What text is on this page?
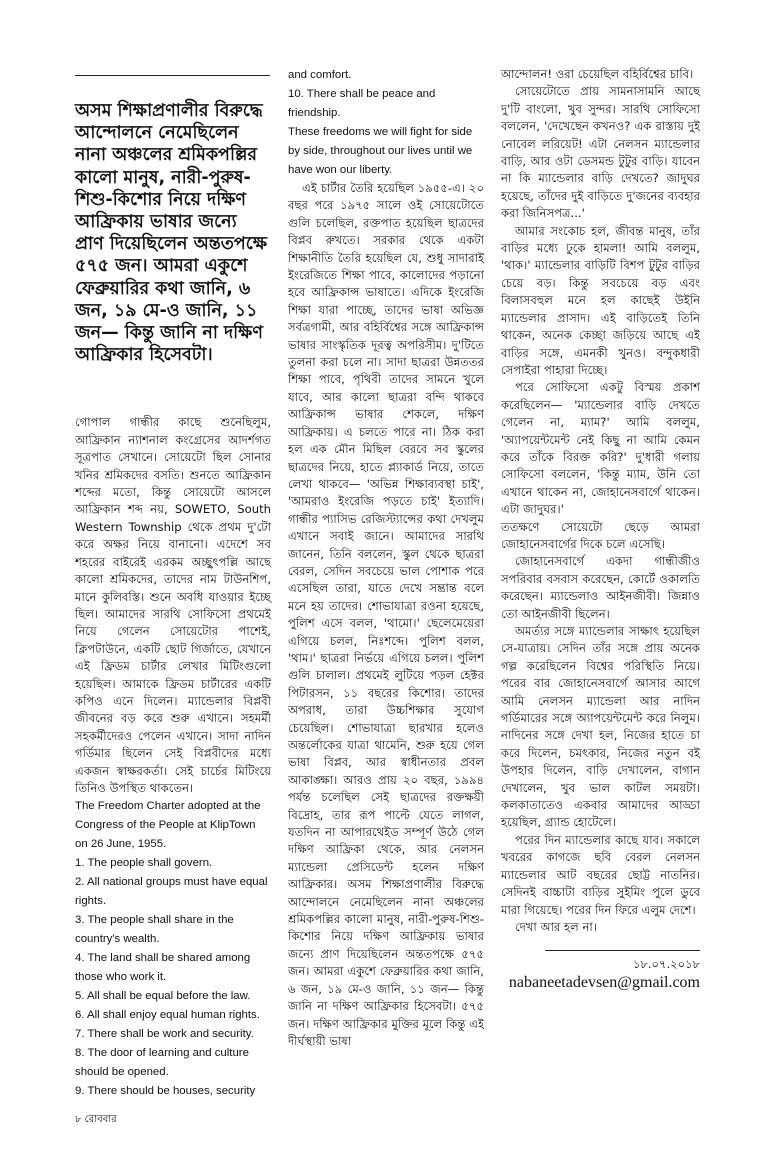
অসম শিক্ষাপ্রণালীর বিরুদ্ধে আন্দোলনে নেমেছিলেন নানা অঞ্চলের শ্রমিকপল্লির কালো মানুষ, নারী-পুরুষ-শিশু-কিশোর নিয়ে দক্ষিণ আফ্রিকায় ভাষার জন্যে প্রাণ দিয়েছিলেন অন্ততপক্ষে ৫৭৫ জন। আমরা একুশে ফেব্রুয়ারির কথা জানি, ৬ জন, ১৯ মে-ও জানি, ১১ জন— কিন্তু জানি না দক্ষিণ আফ্রিকার হিসেবটা।

গোপাল গান্ধীর কাছে শুনেছিলুম, আফ্রিকান ন্যাশনাল কংগ্রেসের আদর্শগত সূত্রপাত সেখানে। সোয়েটো ছিল সোনার খনির শ্রমিকদের বসতি। শুনতে আফ্রিকান শব্দের মতো, কিন্তু সোয়েটো আসলে আফ্রিকান শব্দ নয়, SOWETO, South Western Township থেকে প্রথম দু'টো করে অক্ষর নিয়ে বানানো। এদেশে সব শহরের বাইরেই এরকম অচ্ছুৎপল্লি আছে কালো শ্রমিকদের, তাদের নাম টাউনশিপ, মানে কুলিবস্তি। শুনে অবধি যাওয়ার ইচ্ছে ছিল। আমাদের সারথি সোফিসো প্রথমেই নিয়ে গেলেন সোয়েটোর পাশেই, ক্লিপটাউনে, একটি ছোট গির্জাতে, যেখানে এই ফ্রিডম চার্টার লেখার মিটিংগুলো হয়েছিল। আমাকে ফ্রিডম চার্টারের একটি কপিও এনে দিলেন। ম্যান্ডেলার বিপ্লবী জীবনের বড় করে শুরু এখানে। সহমর্মী সহকর্মীদেরও পেলেন এখানে। সাদা নাদিন গর্ডিমার ছিলেন সেই বিপ্লবীদের মধ্যে একজন স্বাক্ষরকর্তা। সেই চার্চের মিটিংয়ে তিনিও উপস্থিত থাকতেন।

The Freedom Charter adopted at the Congress of the People at KlipTown on 26 June, 1955.

1. The people shall govern.

2. All national groups must have equal rights.

3. The people shall share in the country's wealth.

4. The land shall be shared among those who work it.

5. All shall be equal before the law.

6. All shall enjoy equal human rights.

7. There shall be work and security.

8. The door of learning and culture should be opened.

9. There should be houses, security

and comfort.

10. There shall be peace and friendship.

These freedoms we will fight for side by side, throughout our lives until we have won our liberty.

এই চার্টার তৈরি হয়েছিল ১৯৫৫-এ। ২০ বছর পরে ১৯৭৫ সালে ওই সোয়েটোতে গুলি চলেছিল, রক্তপাত হয়েছিল ছাত্রদের বিপ্লব রুখতে। সরকার থেকে একটা শিক্ষানীতি তৈরি হয়েছিল যে, শুধু সাদারাই ইংরেজিতে শিক্ষা পাবে, কালোদের পড়ানো হবে আফ্রিকান্স ভাষাতে। এদিকে ইংরেজি শিক্ষা যারা পাচ্ছে, তাদের ভাষা অভিজ্ঞ সর্বত্রগামী, আর বহির্বিশ্বের সঙ্গে আফ্রিকান্স ভাষার সাংস্কৃতিক দূরত্ব অপরিসীম। দু'টিতে তুলনা করা চলে না। সাদা ছাত্ররা উন্নততর শিক্ষা পাবে, পৃথিবী তাদের সামনে খুলে যাবে, আর কালো ছাত্ররা বন্দি থাকবে আফ্রিকান্স ভাষার শেকলে, দক্ষিণ আফ্রিকায়। এ চলতে পারে না। ঠিক করা হল এক মৌন মিছিল বেরবে সব স্কুলের ছাত্রদের নিয়ে, হাতে প্ল্যাকার্ড নিয়ে, তাতে লেখা থাকবে— 'অভিন্ন শিক্ষাব্যবস্থা চাই', 'আমরাও ইংরেজি পড়তে চাই' ইত্যাদি। গান্ধীর প্যাসিভ রেজিস্ট্যান্সের কথা দেখলুম এখানে সবাই জানে। আমাদের সারথি জানেন, তিনি বললেন, স্কুল থেকে ছাত্ররা বেরল, সেদিন সবচেয়ে ভাল পোশাক পরে এসেছিল তারা, যাতে দেখে সম্ভ্রান্ত বলে মনে হয় তাদের। শোভাযাত্রা রওনা হয়েছে, পুলিশ এসে বলল, 'থামো।' ছেলেমেয়েরা এগিয়ে চলল, নিঃশব্দে। পুলিশ বলল, 'থাম।' ছাত্ররা নির্ভয়ে এগিয়ে চলল। পুলিশ গুলি চালাল। প্রথমেই লুটিয়ে পড়ল হেক্টর পিটারসন, ১১ বছরের কিশোর। তাদের অপরাধ, তারা উচ্চশিক্ষার সুযোগ চেয়েছিল। শোভাযাত্রা ছারখার হলেও অন্তর্লোকের যাত্রা থামেনি, শুরু হয়ে গেল ভাষা বিপ্লব, আর স্বাধীনতার প্রবল আকাঙ্ক্ষা। আরও প্রায় ২০ বছর, ১৯৯৪ পর্যন্ত চলেছিল সেই ছাত্রদের রক্তক্ষয়ী বিদ্রোহ, তার রূপ পাল্টে যেতে লাগল, যতদিন না আপারথেইড সম্পূর্ণ উঠে গেল দক্ষিণ আফ্রিকা থেকে, আর নেলসন ম্যান্ডেলা প্রেসিডেন্ট হলেন দক্ষিণ আফ্রিকার। অসম শিক্ষাপ্রণালীর বিরুদ্ধে আন্দোলনে নেমেছিলেন নানা অঞ্চলের শ্রমিকপল্লির কালো মানুষ, নারী-পুরুষ-শিশু-কিশোর নিয়ে দক্ষিণ আফ্রিকায় ভাষার জন্যে প্রাণ দিয়েছিলেন অন্ততপক্ষে ৫৭৫ জন। আমরা একুশে ফেব্রুয়ারির কথা জানি, ৬ জন, ১৯ মে-ও জানি, ১১ জন— কিন্তু জানি না দক্ষিণ আফ্রিকার হিসেবটা। ৫৭৫ জন। দক্ষিণ আফ্রিকার মুক্তির মূলে কিন্তু এই দীর্ঘস্থায়ী ভাষা

আন্দোলন! ওরা চেয়েছিল বহির্বিশ্বের চাবি।

সোয়েটোতে প্রায় সামনাসামনি আছে দু'টি বাংলো, খুব সুন্দর। সারথি সোফিসো বললেন, 'দেখেছেন কখনও? এক রাস্তায় দুই নোবেল লরিয়েট! এটা নেলসন ম্যান্ডেলার বাড়ি, আর ওটা ডেসমন্ড টুটুর বাড়ি। যাবেন না কি ম্যান্ডেলার বাড়ি দেখতে? জাদুঘর হয়েছে, তাঁদের দুই বাড়িতে দু'জনের ব্যবহার করা জিনিসপত্র...'

আমার সংকোচ হল, জীবন্ত মানুষ, তাঁর বাড়ির মধ্যে ঢুকে হামলা! আমি বললুম, 'থাক।' ম্যান্ডেলার বাড়িটি বিশপ টুটুর বাড়ির চেয়ে বড়। কিন্তু সবচেয়ে বড় এবং বিলাসবহুল মনে হল কাছেই উইনি ম্যান্ডেলার প্রাসাদ। এই বাড়িতেই তিনি থাকেন, অনেক কেচ্ছা জড়িয়ে আছে এই বাড়ির সঙ্গে, এমনকী খুনও। বন্দুকধারী সেপাইরা পাহারা দিচ্ছে।

পরে সোফিসো একটু বিস্ময় প্রকাশ করেছিলেন— 'ম্যান্ডেলার বাড়ি দেখতে গেলেন না, ম্যাম?' আমি বললুম, 'অ্যাপয়েন্টমেন্ট নেই কিছু না আমি কেমন করে তাঁকে বিরক্ত করি?' দু'ধারী গলায় সোফিসো বললেন, 'কিন্তু ম্যাম, উনি তো এখানে থাকেন না, জোহানেসবার্গে থাকেন। এটা জাদুঘর।'

ততক্ষণে সোয়েটো ছেড়ে আমরা জোহানেসবার্গের দিকে চলে এসেছি।

জোহানেসবার্গে একদা গান্ধীজীও সপরিবার বসবাস করেছেন, কোর্টে ওকালতি করেছেন। ম্যান্ডেলাও আইনজীবী। জিন্নাও তো আইনজীবী ছিলেন।

অমর্ত্যর সঙ্গে ম্যান্ডেলার সাক্ষাৎ হয়েছিল সে-যাত্রায়। সেদিন তাঁর সঙ্গে প্রায় অনেক গল্প করেছিলেন বিশ্বের পরিস্থিতি নিয়ে। পরের বার জোহানেসবার্গে আসার আগে আমি নেলসন ম্যান্ডেলা আর নাদিন গর্ডিমারের সঙ্গে অ্যাপয়েন্টমেন্ট করে নিলুম। নাদিনের সঙ্গে দেখা হল, নিজের হাতে চা করে দিলেন, চমৎকার, নিজের নতুন বই উপহার দিলেন, বাড়ি দেখালেন, বাগান দেখালেন, খুব ভাল কাটল সময়টা। কলকাতাতেও একবার আমাদের আড্ডা হয়েছিল, গ্র্যান্ড হোটেলে।

পরের দিন ম্যান্ডেলার কাছে যাব। সকালে খবরের কাগজে ছবি বেরল নেলসন ম্যান্ডেলার আট বছরের ছোট্ট নাতনির। সেদিনই বাচ্চাটা বাড়ির সুইমিং পুলে ডুবে মারা গিয়েছে। পরের দিন ফিরে এলুম দেশে।

দেখা আর হল না।

১৮.০৭.২০১৮
nabaneetadevsen@gmail.com
৮ রোববার
